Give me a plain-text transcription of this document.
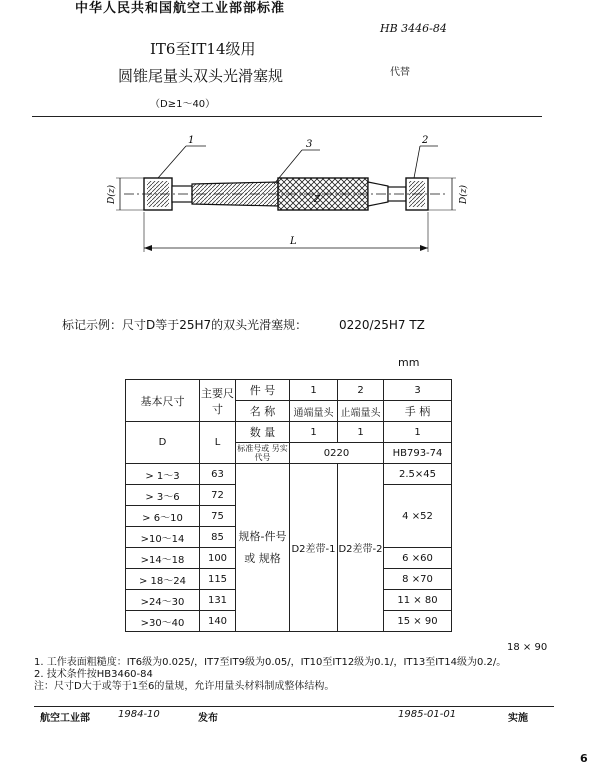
中华人民共和国航空工业部部标准
HB 3446-84
代替
IT6至IT14级用
圆锥尾量头双头光滑塞规
（D≥1～40）
1	3	2
Z
L
D(z)	D(z)
标记示例：尺寸D等于25H7的双头光滑塞规：	0220/25H7 TZ
mm
基本尺寸	主要尺寸	件 号	1	2	3
		名 称	通端量头	止端量头	手 柄
D	L	数 量	1	1	1
		标准号或 另实代号	0220		HB793-74
> 1～3	63	规格-件号 或 规格	D2差带-1	D2差带-2	2.5×45
> 3～6	72				4 ×52
> 6～10	75				
>10～14	85				
>14～18	100				6 ×60
> 18～24	115				8 ×70
>24～30	131				11 × 80
>30～40	140				15 × 90
18 × 90
1. 工作表面粗糙度：IT6级为0.025/，IT7至IT9级为0.05/，IT10至IT12级为0.1/，IT13至IT14级为0.2/。
2. 技术条件按HB3460-84
注：尺寸D大于或等于1至6的量规，允许用量头材料制成整体结构。
航空工业部	1984-10	发布	1985-01-01	实施
6
